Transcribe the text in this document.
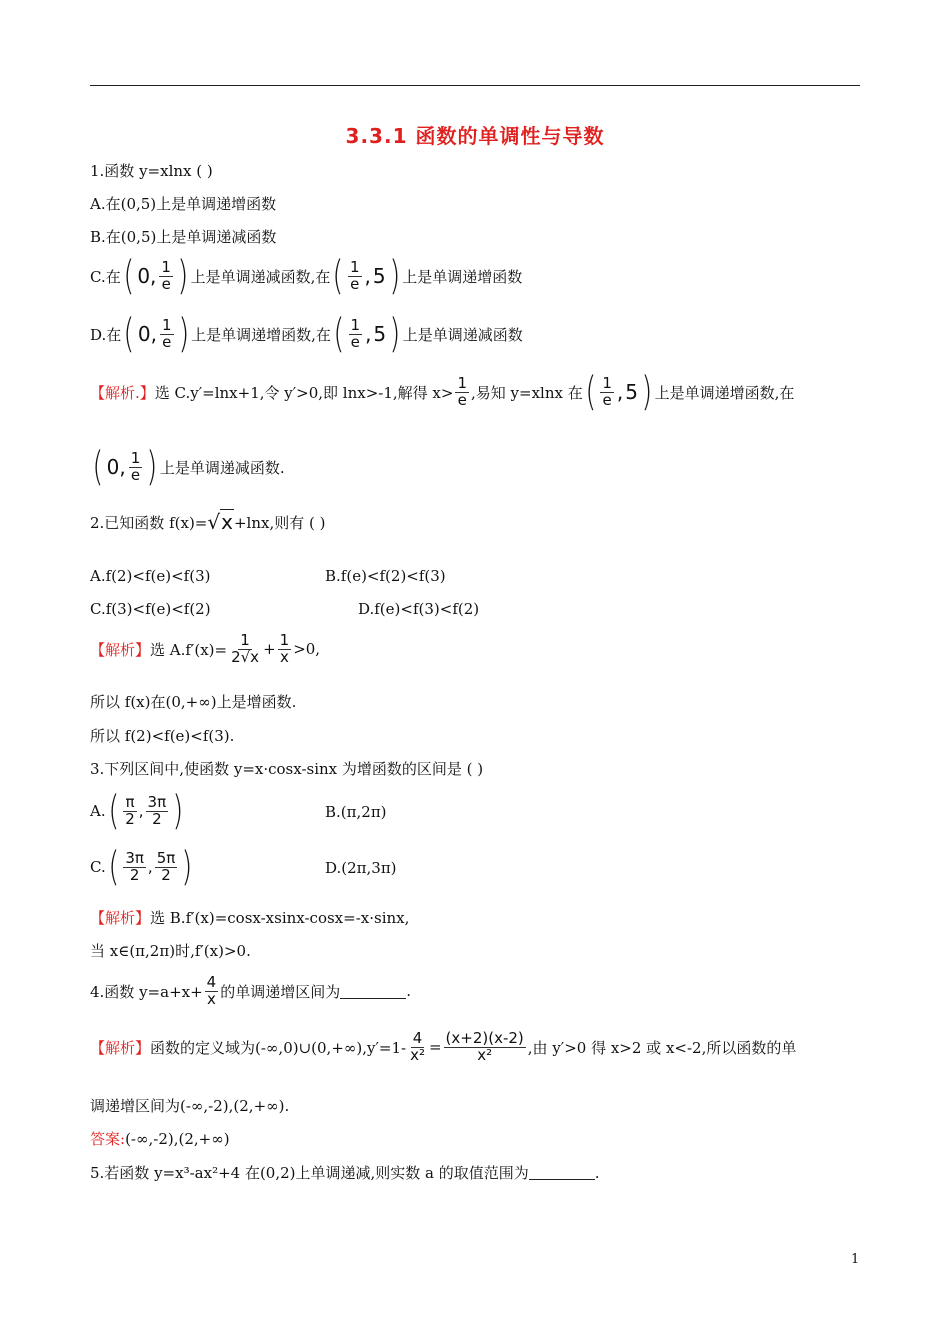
3.3.1 函数的单调性与导数
1.函数 y=xlnx ( )
A.在(0,5)上是单调递增函数
B.在(0,5)上是单调递减函数
C.在 ( 0, $\frac{1}{e}$ ) 上是单调递减函数,在 ( $\frac{1}{e}$ , 5 ) 上是单调递增函数
D.在 ( 0, $\frac{1}{e}$ ) 上是单调递增函数,在 ( $\frac{1}{e}$ , 5 ) 上是单调递减函数
【解析.】 选 C.y′=lnx+1,令 y′>0,即 lnx>-1,解得 $x> \frac{1}{e}$ ,易知 y=xlnx 在 ( $\frac{1}{e}$ , 5 ) 上是单调递增函数,在
( 0, $\frac{1}{e}$ ) 上是单调递减函数.
2.已知函数 f(x)= √x +lnx,则有 ( )
A.f(2)<f(e)<f(3)	B.f(e)<f(2)<f(3)
C.f(3)<f(e)<f(2)	D.f(e)<f(3)<f(2)
【解析】 选 $A.f'(x)= \frac{1}{2√x} + \frac{1}{x} >0$,
所以 f(x)在(0,+∞)上是增函数.
所以 f(2)<f(e)<f(3).
3.下列区间中,使函数 y=x·cosx-sinx 为增函数的区间是 ( )
A. ( $\frac{\pi}{2}$ , $\frac{3\pi}{2}$ )	B.(π,2π)
C. ( $\frac{3\pi}{2}$ , $\frac{5\pi}{2}$ )	D.(2π,3π)
【解析】 选 B.f′(x)=cosx-xsinx-cosx=-x·sinx,
当 x∈(π,2π)时,f′(x)>0.
4.函数 $y=a+x+ \frac{4}{x}$ 的单调递增区间为	.
【解析】 函数的定义域为(-∞,0)∪(0,+∞),y′=1- $\frac{4}{\text{x²}} = \frac{(x+2)(x-2)}{\text{x²}}$ ,由 y′>0 得 x>2 或 x<-2,所以函数的单
调递增区间为(-∞,-2),(2,+∞).
答案: (-∞,-2),(2,+∞)
5.若函数 y=x³-ax²+4 在(0,2)上单调递减,则实数 a 的取值范围为	.
1
